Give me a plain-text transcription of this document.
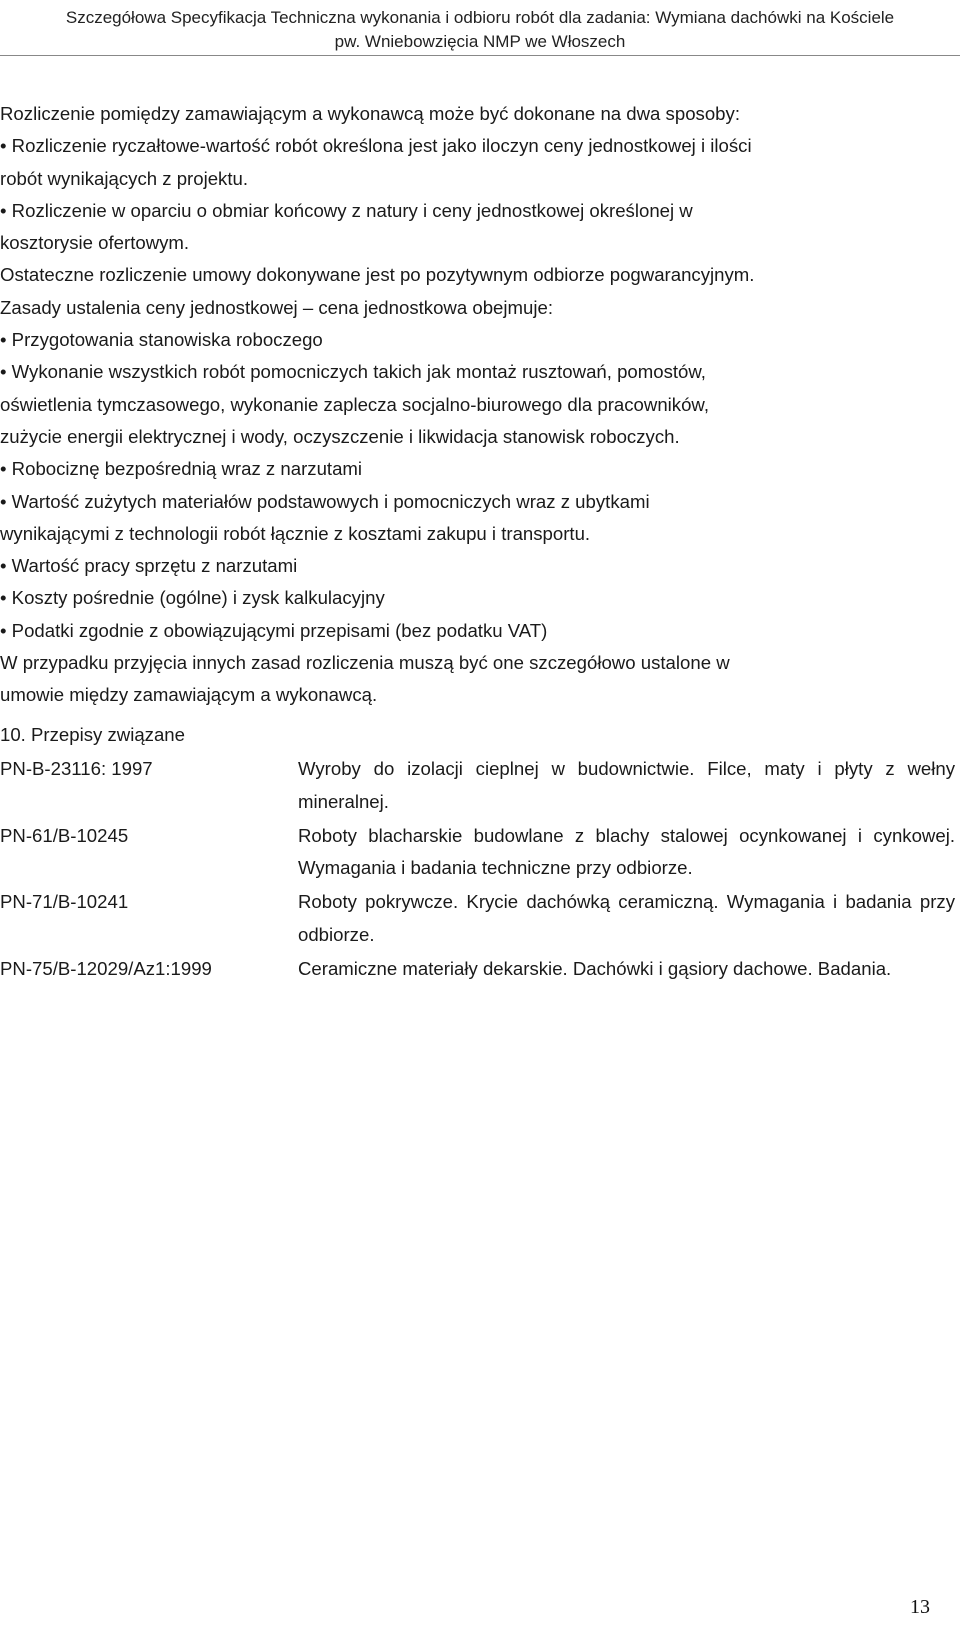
Szczegółowa Specyfikacja Techniczna wykonania i odbioru robót dla zadania: Wymiana dachówki na Kościele
pw. Wniebowzięcia NMP we Włoszech
Rozliczenie pomiędzy zamawiającym a wykonawcą może być dokonane na dwa sposoby:
• Rozliczenie ryczałtowe-wartość robót określona jest jako iloczyn ceny jednostkowej i ilości
robót wynikających z projektu.
• Rozliczenie w oparciu o obmiar końcowy z natury i ceny jednostkowej określonej w
kosztorysie ofertowym.
Ostateczne rozliczenie umowy dokonywane jest po pozytywnym odbiorze pogwarancyjnym.
Zasady ustalenia ceny jednostkowej – cena jednostkowa obejmuje:
• Przygotowania stanowiska roboczego
• Wykonanie wszystkich robót pomocniczych takich jak montaż rusztowań, pomostów,
oświetlenia tymczasowego, wykonanie zaplecza socjalno-biurowego dla pracowników,
zużycie energii elektrycznej i wody, oczyszczenie i likwidacja stanowisk roboczych.
• Robociznę bezpośrednią wraz z narzutami
• Wartość zużytych materiałów podstawowych i pomocniczych wraz z ubytkami
wynikającymi z technologii robót łącznie z kosztami zakupu i transportu.
• Wartość pracy sprzętu z narzutami
• Koszty pośrednie (ogólne) i zysk kalkulacyjny
• Podatki zgodnie z obowiązującymi przepisami (bez podatku VAT)
W przypadku przyjęcia innych zasad rozliczenia muszą być one szczegółowo ustalone w
umowie między zamawiającym a wykonawcą.
10. Przepisy związane
PN-B-23116: 1997	Wyroby do izolacji cieplnej w budownictwie. Filce, maty i płyty z wełny mineralnej.
PN-61/B-10245	Roboty blacharskie budowlane z blachy stalowej ocynkowanej i cynkowej. Wymagania i badania techniczne przy odbiorze.
PN-71/B-10241	Roboty pokrywcze. Krycie dachówką ceramiczną. Wymagania i badania przy odbiorze.
PN-75/B-12029/Az1:1999	Ceramiczne materiały dekarskie. Dachówki i gąsiory dachowe. Badania.
13
